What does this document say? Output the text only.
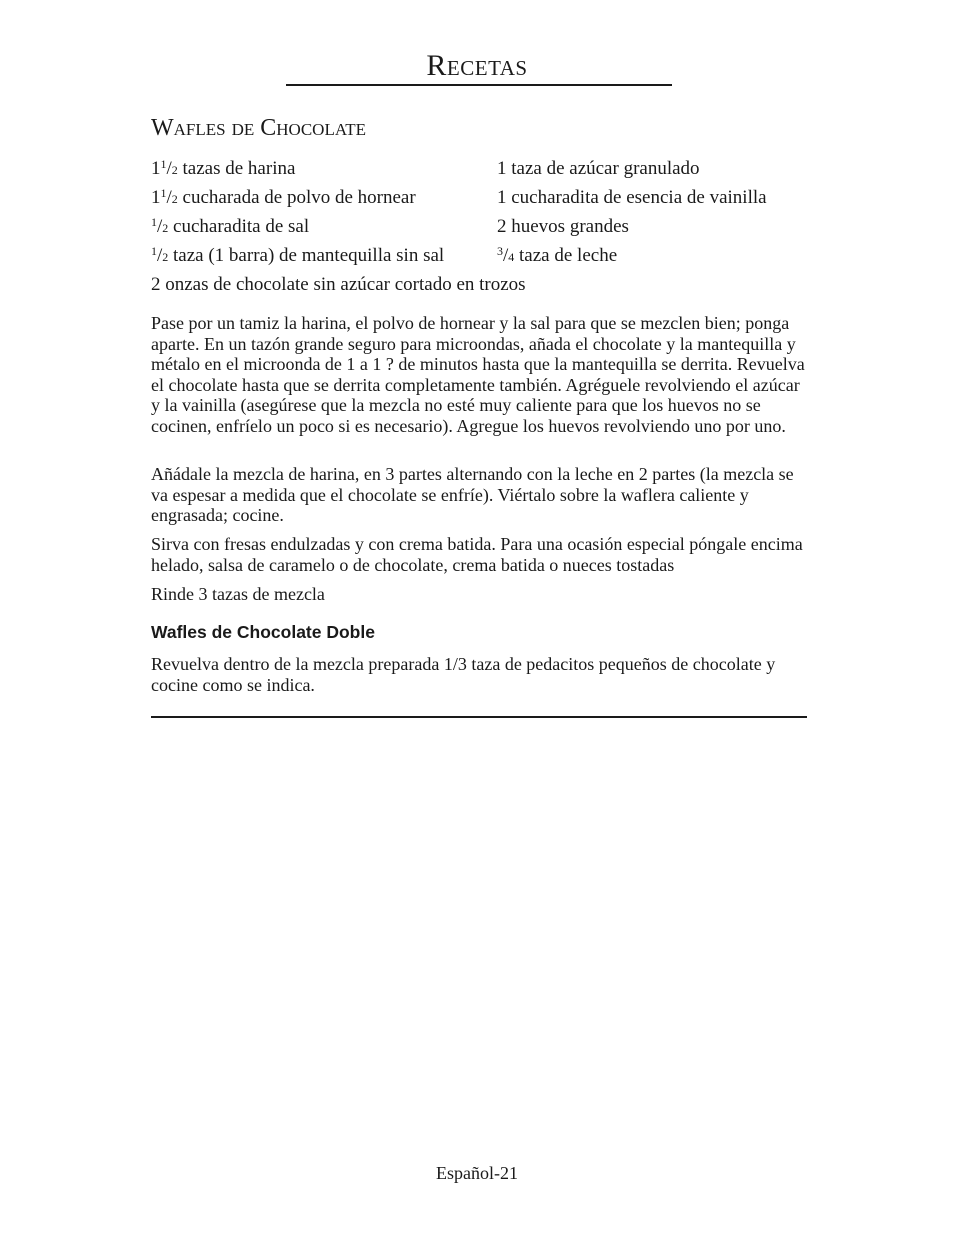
Recetas
Wafles de Chocolate
$1^1/2$ tazas de harina
$1^1/2$ cucharada de polvo de hornear
$^1$/2 cucharadita de sal
$^1$/2 taza (1 barra) de mantequilla sin sal
1 taza de azúcar granulado
1 cucharadita de esencia de vainilla
2 huevos grandes
$^3$/4 taza de leche
2 onzas de chocolate sin azúcar cortado en trozos

Pase por un tamiz la harina, el polvo de hornear y la sal para que se mezclen bien; ponga aparte. En un tazón grande seguro para microondas, añada el chocolate y la mantequilla y métalo en el microonda de 1 a 1 ? de minutos hasta que la mantequilla se derrita. Revuelva el chocolate hasta que se derrita completamente también. Agréguele revolviendo el azúcar y la vainilla (asegúrese que la mezcla no esté muy caliente para que los huevos no se cocinen, enfríelo un poco si es necesario). Agregue los huevos revolviendo uno por uno.

Añádale la mezcla de harina, en 3 partes alternando con la leche en 2 partes (la mezcla se va espesar a medida que el chocolate se enfríe). Viértalo sobre la waflera caliente y engrasada; cocine.

Sirva con fresas endulzadas y con crema batida. Para una ocasión especial póngale encima helado, salsa de caramelo o de chocolate, crema batida o nueces tostadas

Rinde 3 tazas de mezcla

Wafles de Chocolate Doble

Revuelva dentro de la mezcla preparada 1/3 taza de pedacitos pequeños de chocolate y cocine como se indica.

Español-21
